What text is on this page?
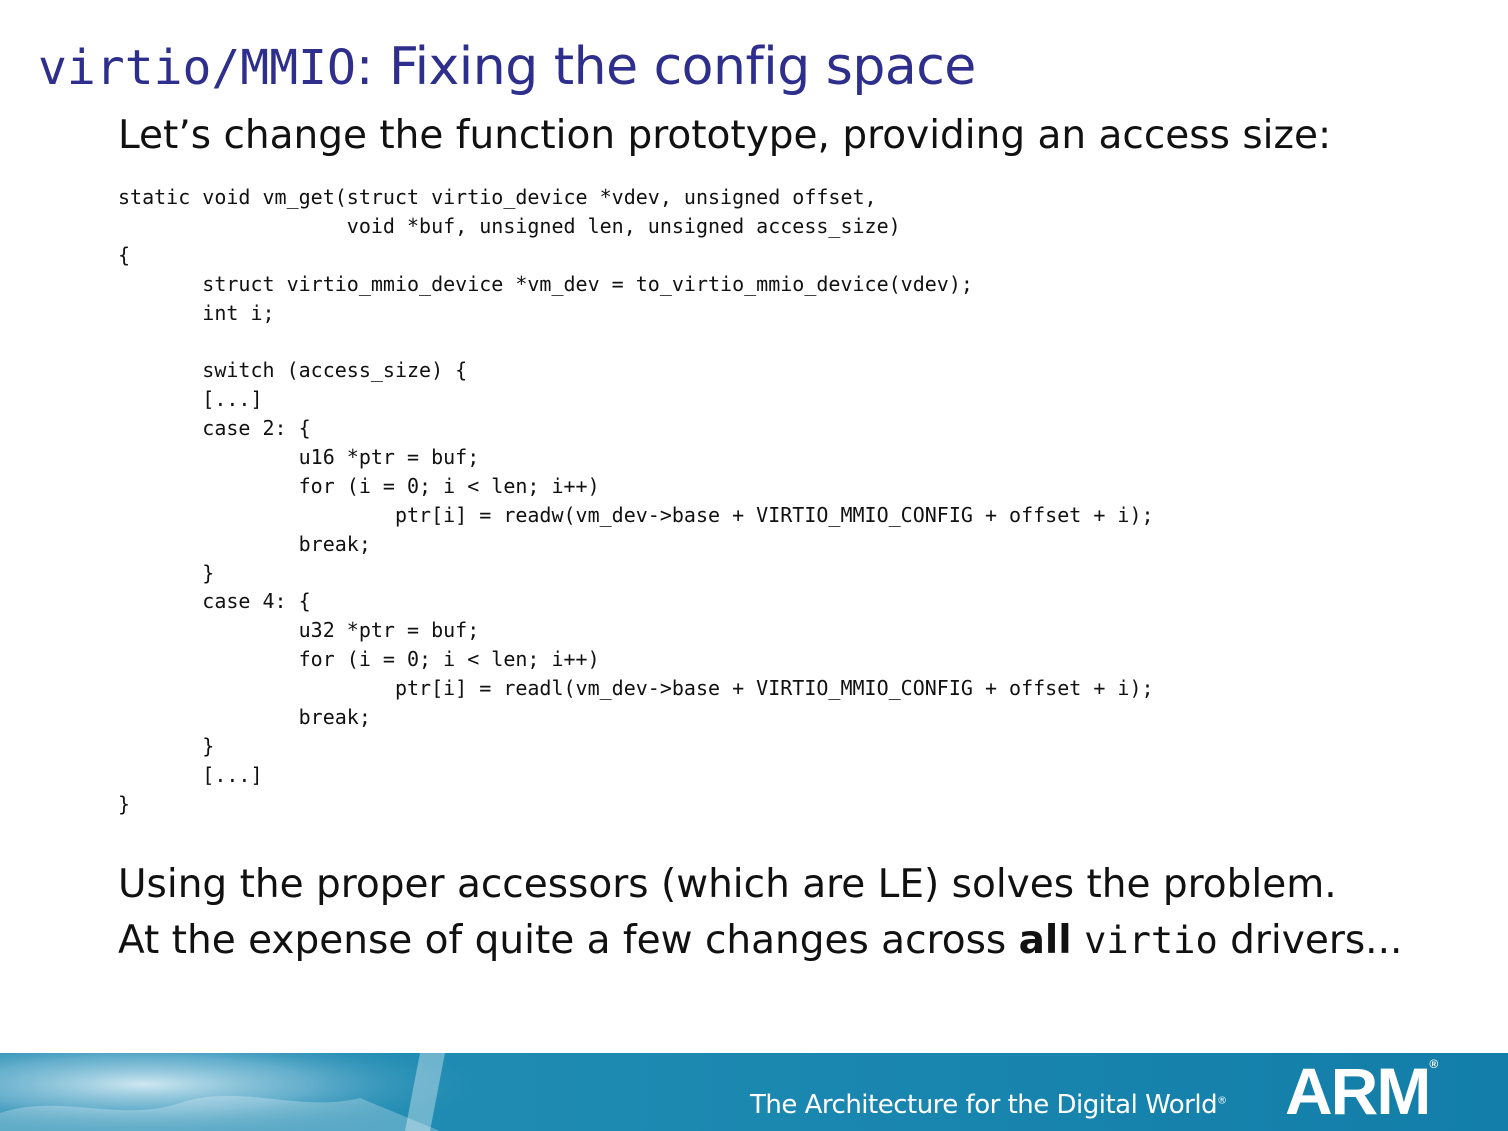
virtio/MMIO: Fixing the config space

Let’s change the function prototype, providing an access size:

static void vm_get(struct virtio_device *vdev, unsigned offset,
void *buf, unsigned len, unsigned access_size)
{
struct virtio_mmio_device *vm_dev = to_virtio_mmio_device(vdev);
int i;
switch (access_size) {
[...]
case 2: {
u16 *ptr = buf;
for (i = 0; i < len; i++)
ptr[i] = readw(vm_dev->base + VIRTIO_MMIO_CONFIG + offset + i);
break;
}
case 4: {
u32 *ptr = buf;
for (i = 0; i < len; i++)
ptr[i] = readl(vm_dev->base + VIRTIO_MMIO_CONFIG + offset + i);
break;
}
[...]
}
Using the proper accessors (which are LE) solves the problem.
At the expense of quite a few changes across all virtio drivers...
The Architecture for the Digital World® ARM®
